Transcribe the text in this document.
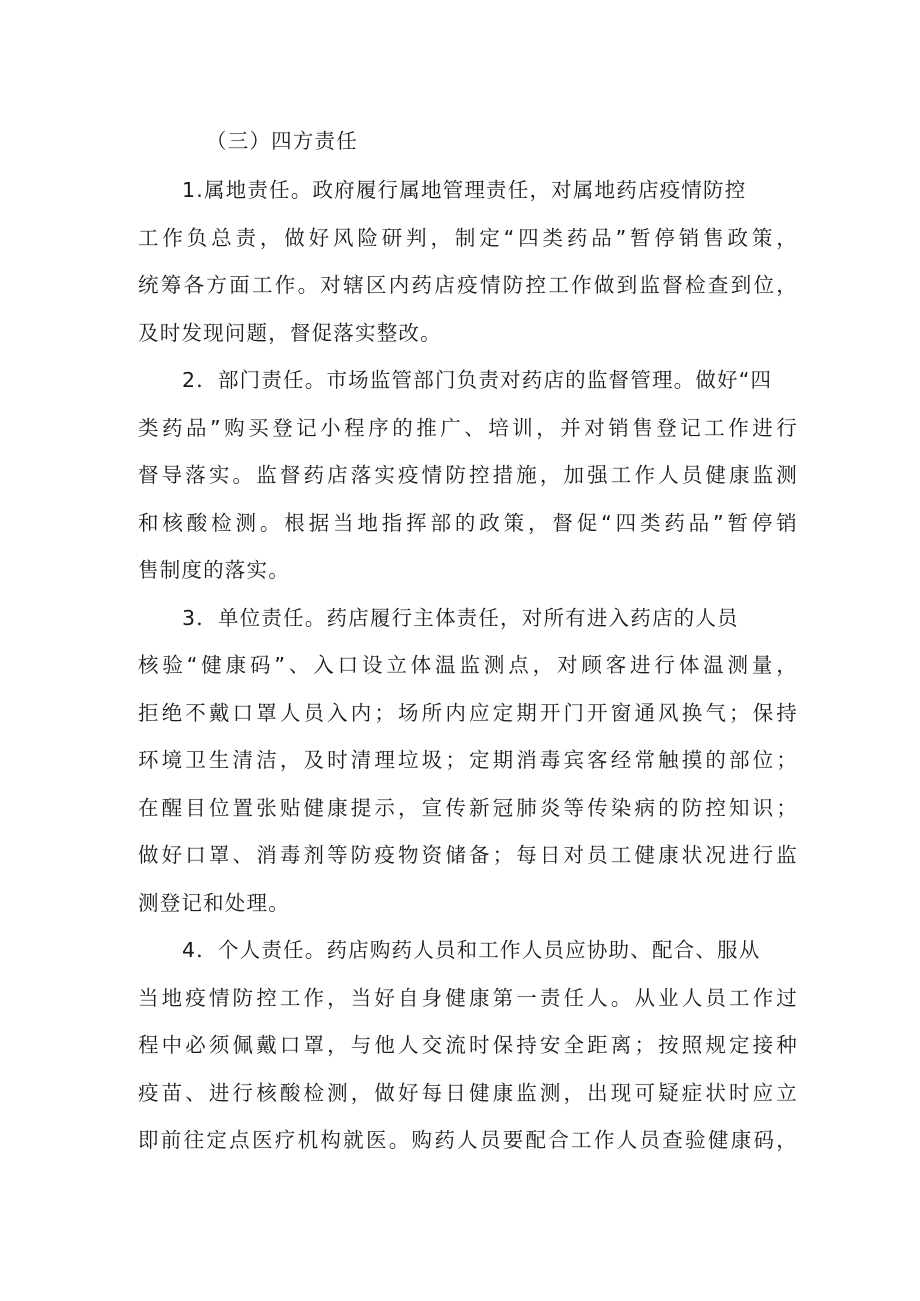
（三）四方责任
1.属地责任。政府履行属地管理责任，对属地药店疫情防控
工作负总责，做好风险研判，制定“四类药品”暂停销售政策，
统筹各方面工作。对辖区内药店疫情防控工作做到监督检查到位，
及时发现问题，督促落实整改。
2．部门责任。市场监管部门负责对药店的监督管理。做好“四
类药品”购买登记小程序的推广、培训，并对销售登记工作进行
督导落实。监督药店落实疫情防控措施，加强工作人员健康监测
和核酸检测。根据当地指挥部的政策，督促“四类药品”暂停销
售制度的落实。
3．单位责任。药店履行主体责任，对所有进入药店的人员
核验“健康码”、入口设立体温监测点，对顾客进行体温测量，
拒绝不戴口罩人员入内；场所内应定期开门开窗通风换气；保持
环境卫生清洁，及时清理垃圾；定期消毒宾客经常触摸的部位；
在醒目位置张贴健康提示，宣传新冠肺炎等传染病的防控知识；
做好口罩、消毒剂等防疫物资储备；每日对员工健康状况进行监
测登记和处理。
4．个人责任。药店购药人员和工作人员应协助、配合、服从
当地疫情防控工作，当好自身健康第一责任人。从业人员工作过
程中必须佩戴口罩，与他人交流时保持安全距离；按照规定接种
疫苗、进行核酸检测，做好每日健康监测，出现可疑症状时应立
即前往定点医疗机构就医。购药人员要配合工作人员查验健康码，
